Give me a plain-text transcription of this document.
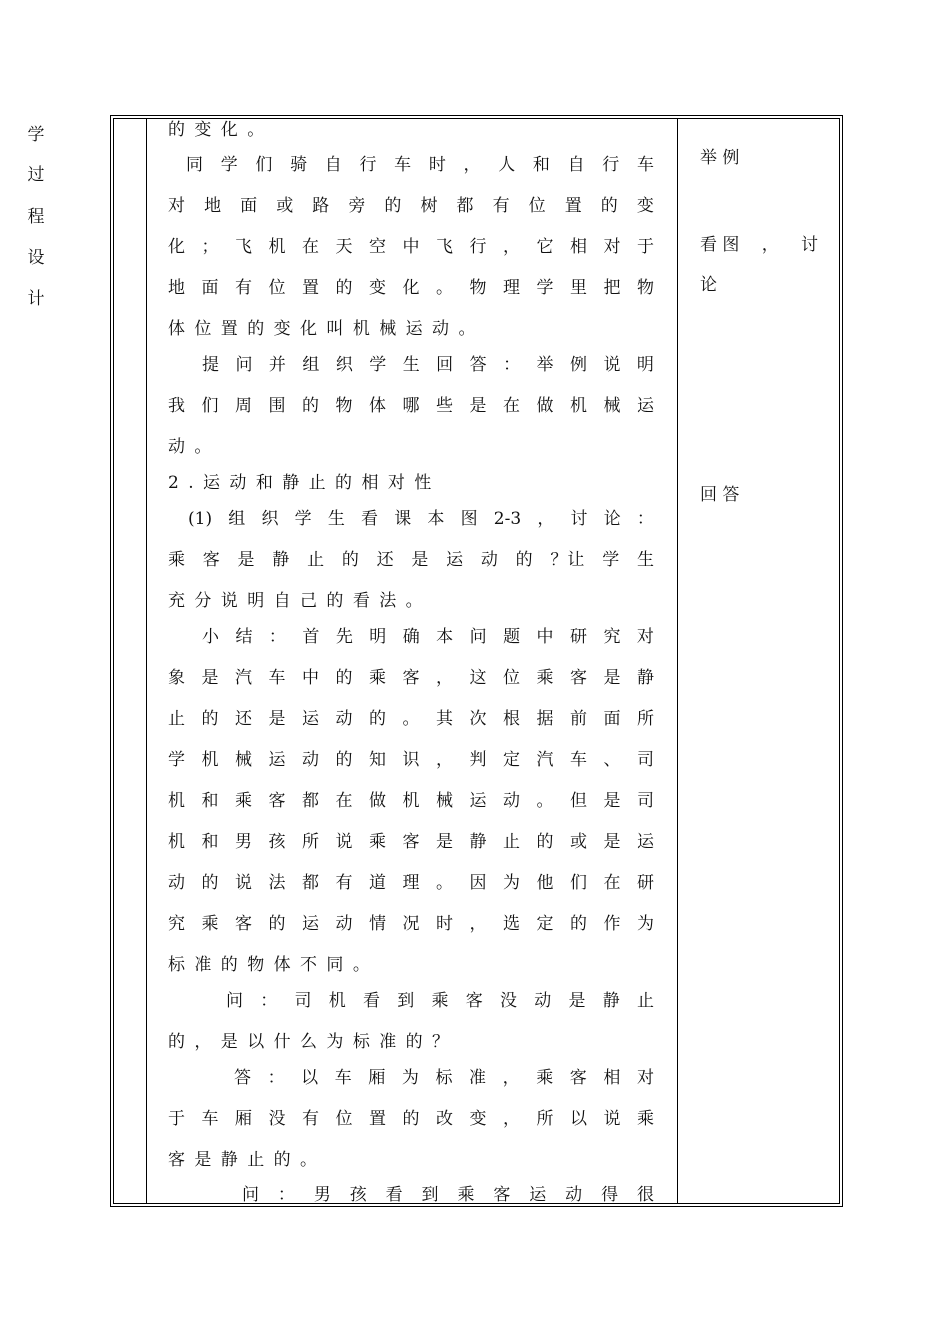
学
过
程
设
计
的 变 化 。
同 学 们 骑 自 行 车 时 ， 人 和 自 行 车
对 地 面 或 路 旁 的 树 都 有 位 置 的 变
化 ； 飞 机 在 天 空 中 飞 行 ， 它 相 对 于
地 面 有 位 置 的 变 化 。 物 理 学 里 把 物
体 位 置 的 变 化 叫 机 械 运 动 。
提 问 并 组 织 学 生 回 答 ： 举 例 说 明
我 们 周 围 的 物 体 哪 些 是 在 做 机 械 运
动 。
2 . 运 动 和 静 止 的 相 对 性
(1) 组 织 学 生 看 课 本 图 2-3 ， 讨 论 ：
乘 客 是 静 止 的 还 是 运 动 的 ？让 学 生
充 分 说 明 自 己 的 看 法 。
小 结 ： 首 先 明 确 本 问 题 中 研 究 对
象 是 汽 车 中 的 乘 客 ， 这 位 乘 客 是 静
止 的 还 是 运 动 的 。 其 次 根 据 前 面 所
学 机 械 运 动 的 知 识 ， 判 定 汽 车 、 司
机 和 乘 客 都 在 做 机 械 运 动 。 但 是 司
机 和 男 孩 所 说 乘 客 是 静 止 的 或 是 运
动 的 说 法 都 有 道 理 。 因 为 他 们 在 研
究 乘 客 的 运 动 情 况 时 ， 选 定 的 作 为
标 准 的 物 体 不 同 。
问 ： 司 机 看 到 乘 客 没 动 是 静 止
的 ， 是 以 什 么 为 标 准 的 ？
答 ： 以 车 厢 为 标 准 ， 乘 客 相 对
于 车 厢 没 有 位 置 的 改 变 ， 所 以 说 乘
客 是 静 止 的 。
问 ： 男 孩 看 到 乘 客 运 动 得 很
举 例
看 图 ， 讨
论
回 答
